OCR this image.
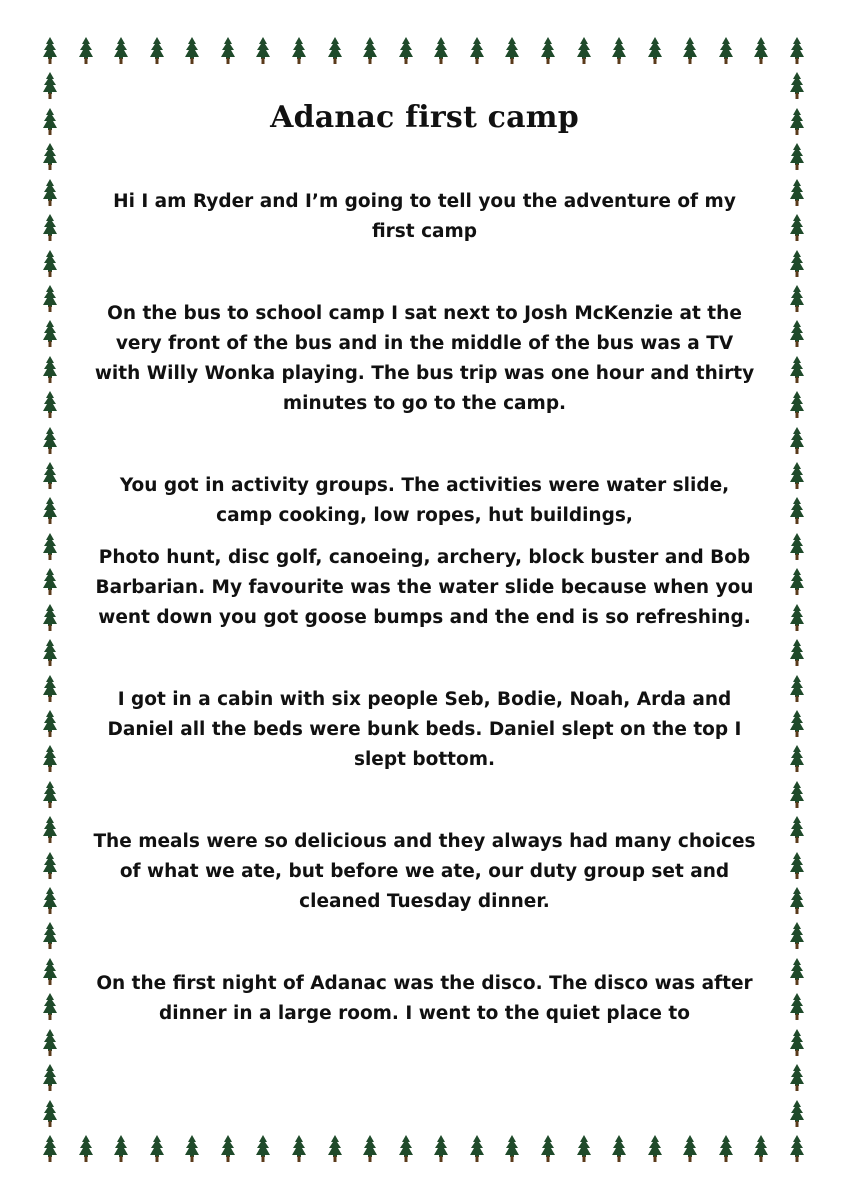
Adanac first camp

Hi I am Ryder and I’m going to tell you the adventure of my first camp

On the bus to school camp I sat next to Josh McKenzie at the very front of the bus and in the middle of the bus was a TV with Willy Wonka playing. The bus trip was one hour and thirty minutes to go to the camp.

You got in activity groups. The activities were water slide, camp cooking, low ropes, hut buildings,

Photo hunt, disc golf, canoeing, archery, block buster and Bob Barbarian. My favourite was the water slide because when you went down you got goose bumps and the end is so refreshing.

I got in a cabin with six people Seb, Bodie, Noah, Arda and Daniel all the beds were bunk beds. Daniel slept on the top I slept bottom.

The meals were so delicious and they always had many choices of what we ate, but before we ate, our duty group set and cleaned Tuesday dinner.

On the first night of Adanac was the disco. The disco was after dinner in a large room. I went to the quiet place to
